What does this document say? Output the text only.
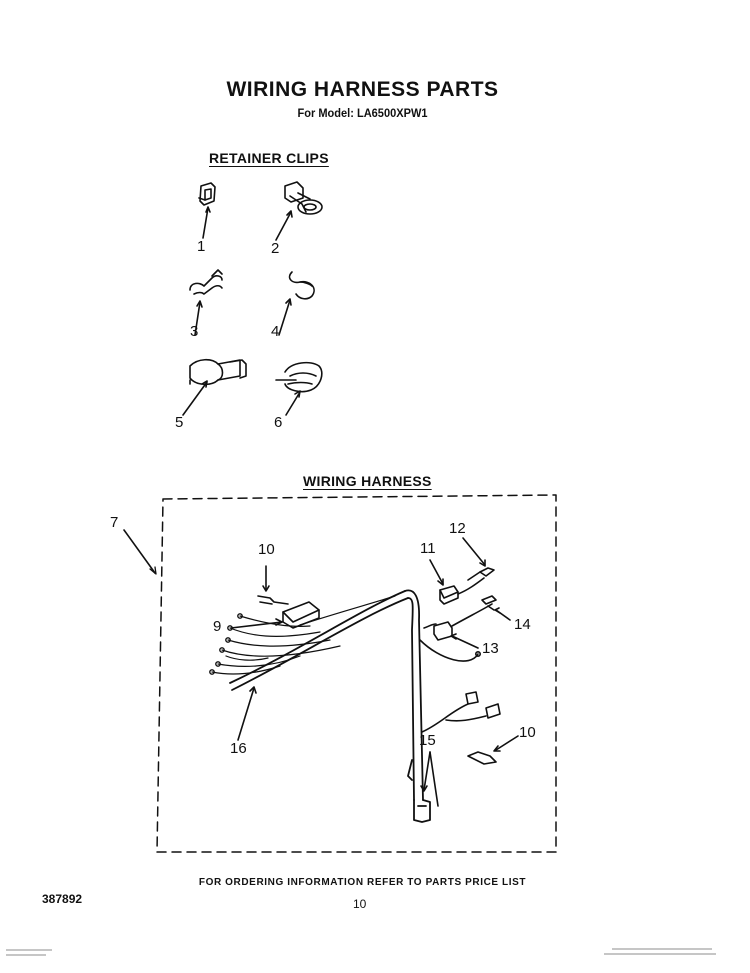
WIRING HARNESS PARTS
For Model: LA6500XPW1
RETAINER CLIPS
WIRING HARNESS
1	2
3	4
5	6
7
9
10	11
12
13
14
15
16
10
FOR ORDERING INFORMATION REFER TO PARTS PRICE LIST
387892	10
